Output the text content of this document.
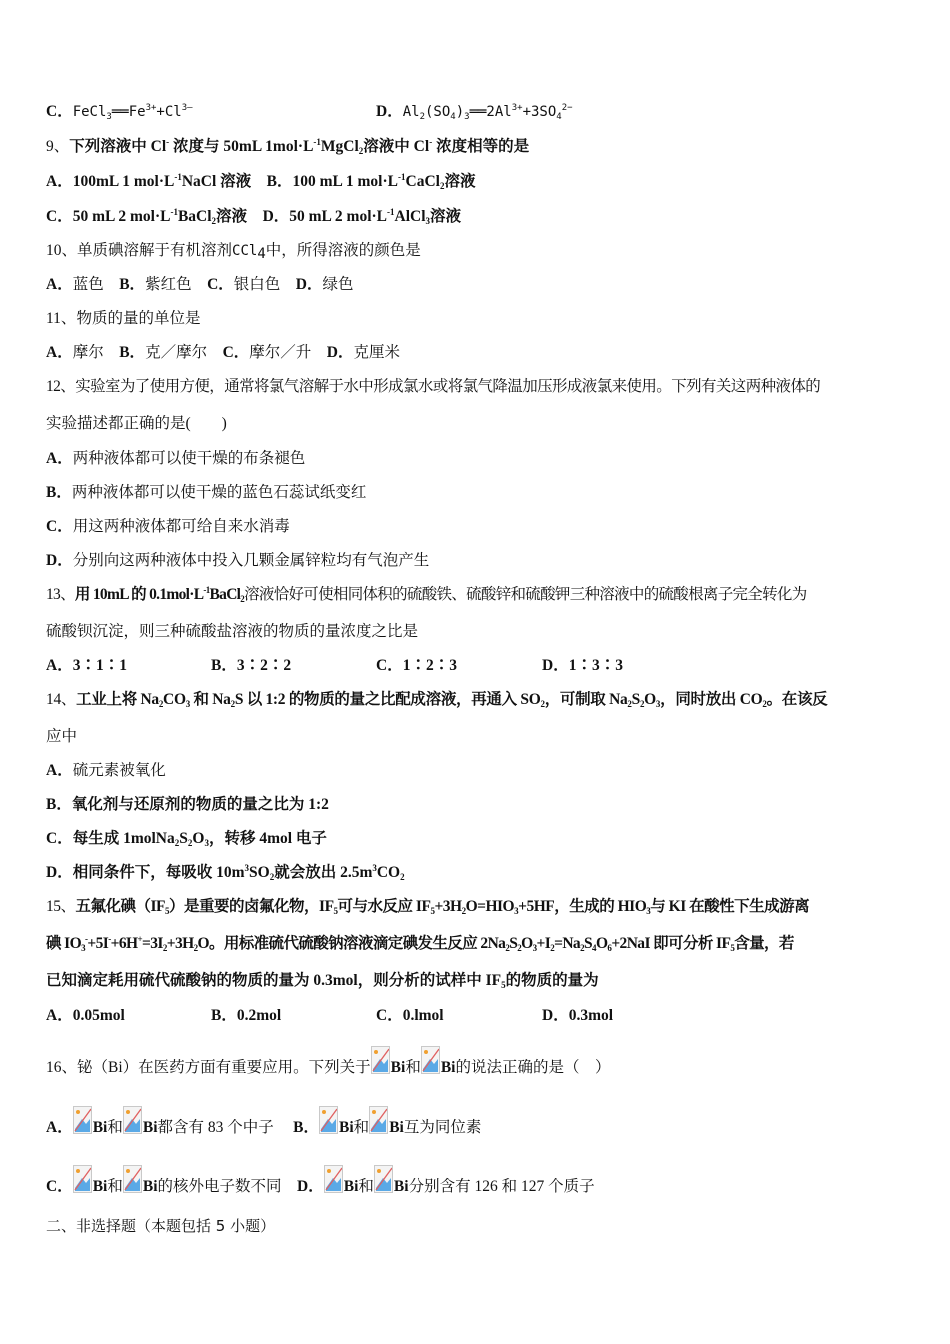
C．$FeCl_3══Fe^{3+}+Cl^{3—}$	D．$Al_2(SO_4)_3══2Al^{3+}+3SO_4^{2-}$
9、下列溶液中 Cl- 浓度与 50mL $1mol\cdot L^{-1}MgCl_2$溶液中 Cl- 浓度相等的是
A．100mL 1 $mol\cdot L^{-1}NaCl$ 溶液 B．100 mL 1 $mol\cdot L^{-1}CaCl_2$溶液
C．50 mL 2 $mol\cdot L^{-1}BaCl_2$溶液 D．50 mL 2 $mol\cdot L^{-1}AlCl_3$溶液
10、单质碘溶解于有机溶剂CCl$_4$中，所得溶液的颜色是
A．蓝色 B．紫红色 C．银白色 D．绿色
11、物质的量的单位是
A．摩尔 B．克／摩尔 C．摩尔／升 D．克厘米
12、实验室为了使用方便，通常将氯气溶解于水中形成氯水或将氯气降温加压形成液氯来使用。下列有关这两种液体的
实验描述都正确的是(　　)
A．两种液体都可以使干燥的布条褪色
B．两种液体都可以使干燥的蓝色石蕊试纸变红
C．用这两种液体都可给自来水消毒
D．分别向这两种液体中投入几颗金属锌粒均有气泡产生
13、用 10mL 的 $0.1mol\cdot L^{-1}BaCl_2$溶液恰好可使相同体积的硫酸铁、硫酸锌和硫酸钾三种溶液中的硫酸根离子完全转化为
硫酸钡沉淀，则三种硫酸盐溶液的物质的量浓度之比是
A．3∶1∶1	B．3∶2∶2	C．1∶2∶3	D．1∶3∶3
14、工业上将 $Na_2CO_3$ 和 $Na_2S$ 以 1:2 的物质的量之比配成溶液，再通入 $SO_2$，可制取 $Na_2S_2O_3$，同时放出 $CO_2$。在该反
应中
A．硫元素被氧化
B．氧化剂与还原剂的物质的量之比为 1:2
C．每生成 $1molNa_2S_2O_3$，转移 4mol 电子
D．相同条件下，每吸收 $10m^3SO_2$就会放出 $2.5m^3CO_2$
15、五氟化碘$(IF_5)$是重要的卤氟化物，$IF_5$可与水反应 $IF_5+3H_2O=HIO_3+5HF$，生成的 $HIO_3$与 KI 在酸性下生成游离
碘 $IO_3^-+5I^-+6H^+=3I_2+3H_2O$。用标准硫代硫酸钠溶液滴定碘发生反应 $2Na_2S_2O_3+I_2=Na_2S_4O_6+2NaI$ 即可分析 $IF_5$含量，若
已知滴定耗用硫代硫酸钠的物质的量为 0.3mol，则分析的试样中 $IF_5$的物质的量为
A．0.05mol	B．0.2mol	C．0.lmol	D．0.3mol
16、铋（Bi）在医药方面有重要应用。下列关于 Bi和 Bi的说法正确的是（　）
A． Bi和 Bi都含有 83 个中子 B． Bi和 Bi互为同位素
C． Bi和 Bi的核外电子数不同 D． Bi和 Bi分别含有 126 和 127 个质子
二、非选择题（本题包括 5 小题）
